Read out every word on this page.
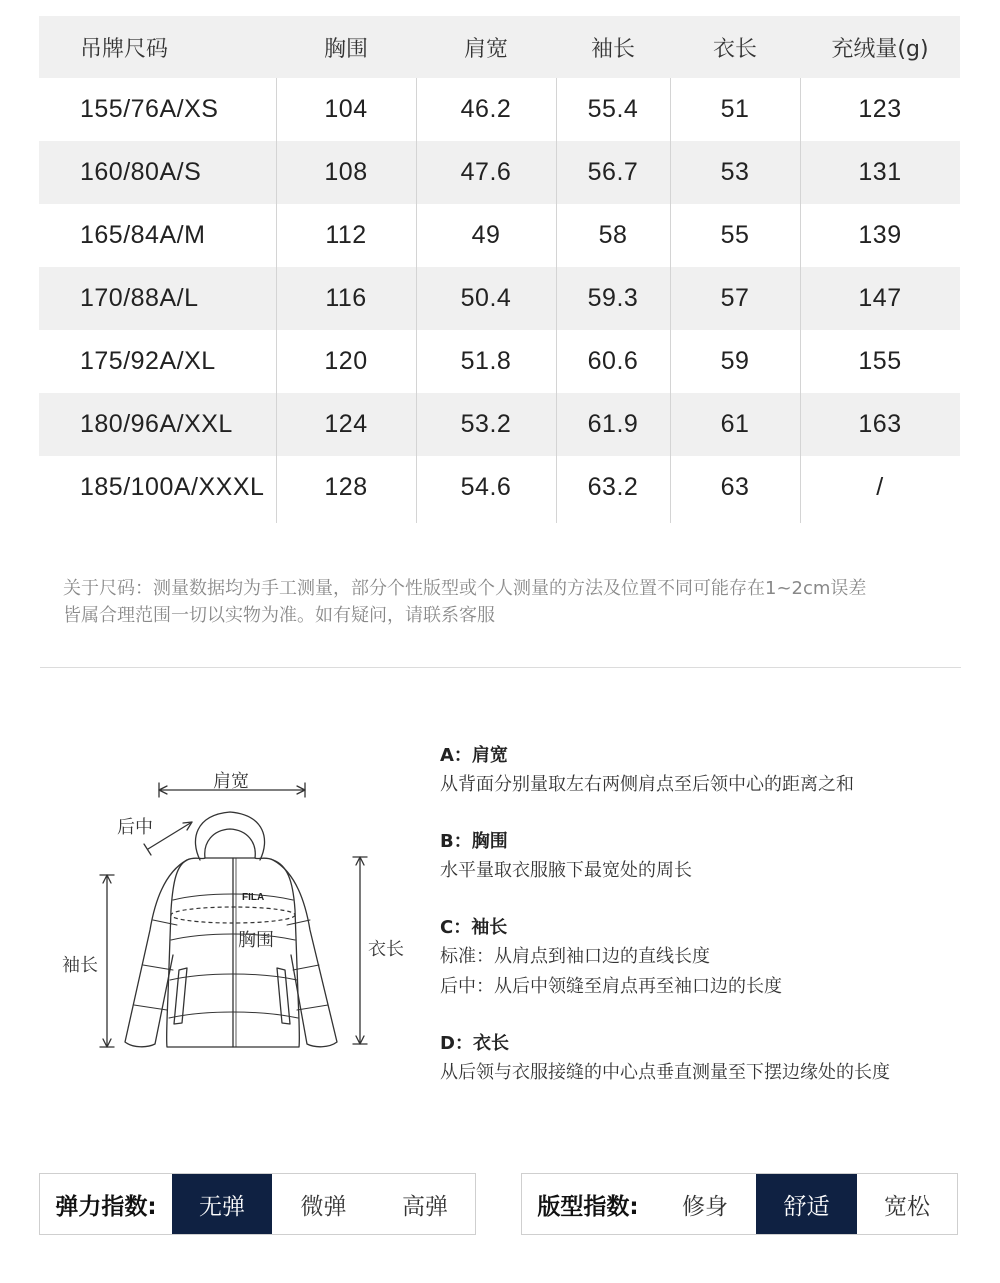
吊牌尺码	胸围	肩宽	袖长	衣长	充绒量(g)
155/76A/XS	104	46.2	55.4	51	123
160/80A/S	108	47.6	56.7	53	131
165/84A/M	112	49	58	55	139
170/88A/L	116	50.4	59.3	57	147
175/92A/XL	120	51.8	60.6	59	155
180/96A/XXL	124	53.2	61.9	61	163
185/100A/XXXL	128	54.6	63.2	63	/
关于尺码：测量数据均为手工测量，部分个性版型或个人测量的方法及位置不同可能存在1~2cm误差
皆属合理范围一切以实物为准。如有疑问，请联系客服
FILA
肩宽
后中
袖长
胸围	衣长
A：肩宽
从背面分别量取左右两侧肩点至后领中心的距离之和
B：胸围
水平量取衣服腋下最宽处的周长
C：袖长
标准：从肩点到袖口边的直线长度
后中：从后中领缝至肩点再至袖口边的长度
D：衣长
从后领与衣服接缝的中心点垂直测量至下摆边缘处的长度
弹力指数:	无弹	微弹	高弹	版型指数:	修身	舒适	宽松
